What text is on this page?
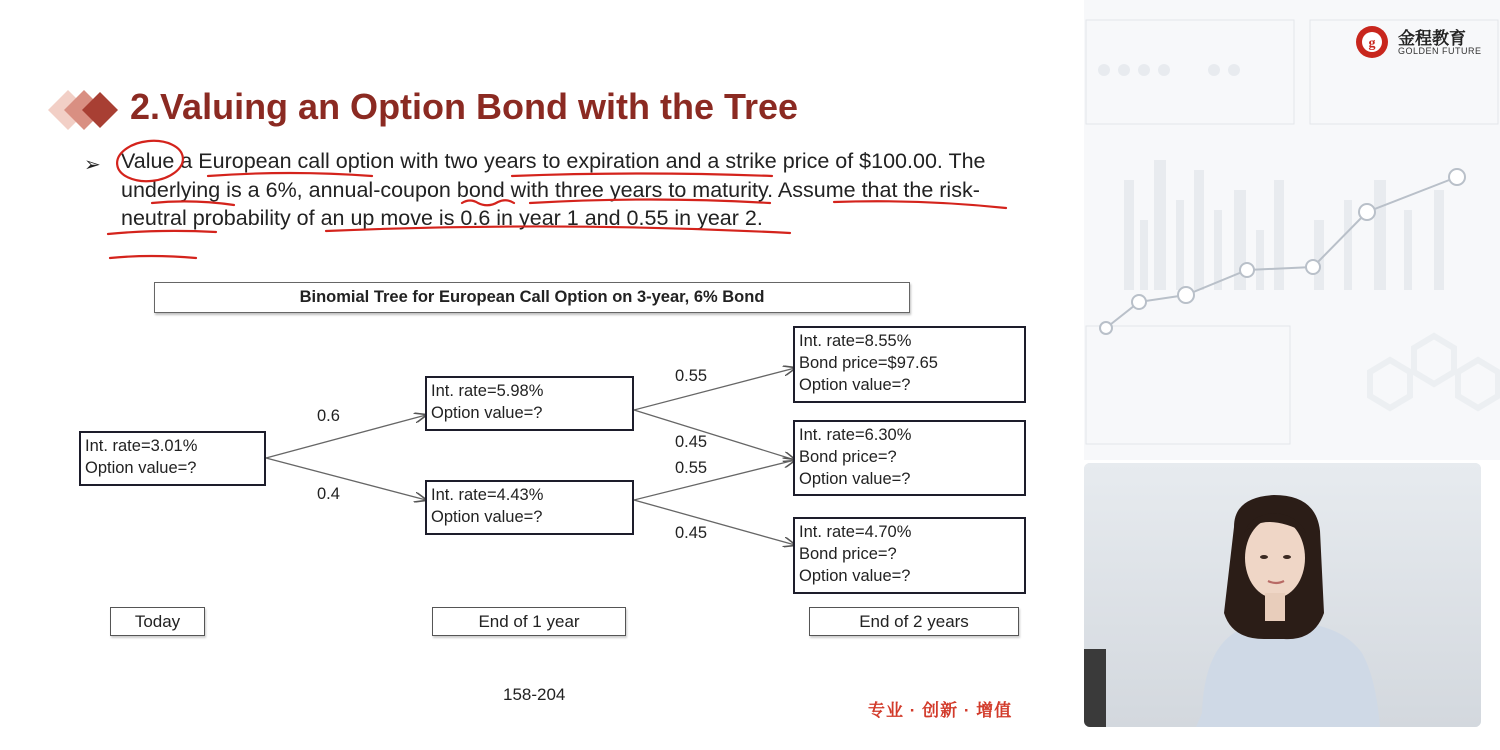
2.Valuing an Option Bond with the Tree
➢ Value a European call option with two years to expiration and a strike price of $100.00. The underlying is a 6%, annual-coupon bond with three years to maturity. Assume that the risk-neutral probability of an up move is 0.6 in year 1 and 0.55 in year 2.
Binomial Tree for European Call Option on 3-year, 6% Bond
Int. rate=3.01%
Option value=?
Int. rate=5.98%
Option value=?
Int. rate=4.43%
Option value=?
Int. rate=8.55%
Bond price=$97.65
Option value=?
Int. rate=6.30%
Bond price=?
Option value=?
Int. rate=4.70%
Bond price=?
Option value=?
0.6
0.4
0.55
0.45
0.55
0.45
Today	End of 1 year	End of 2 years
158-204
专业 · 创新 · 增值
g 金程教育
GOLDEN FUTURE
